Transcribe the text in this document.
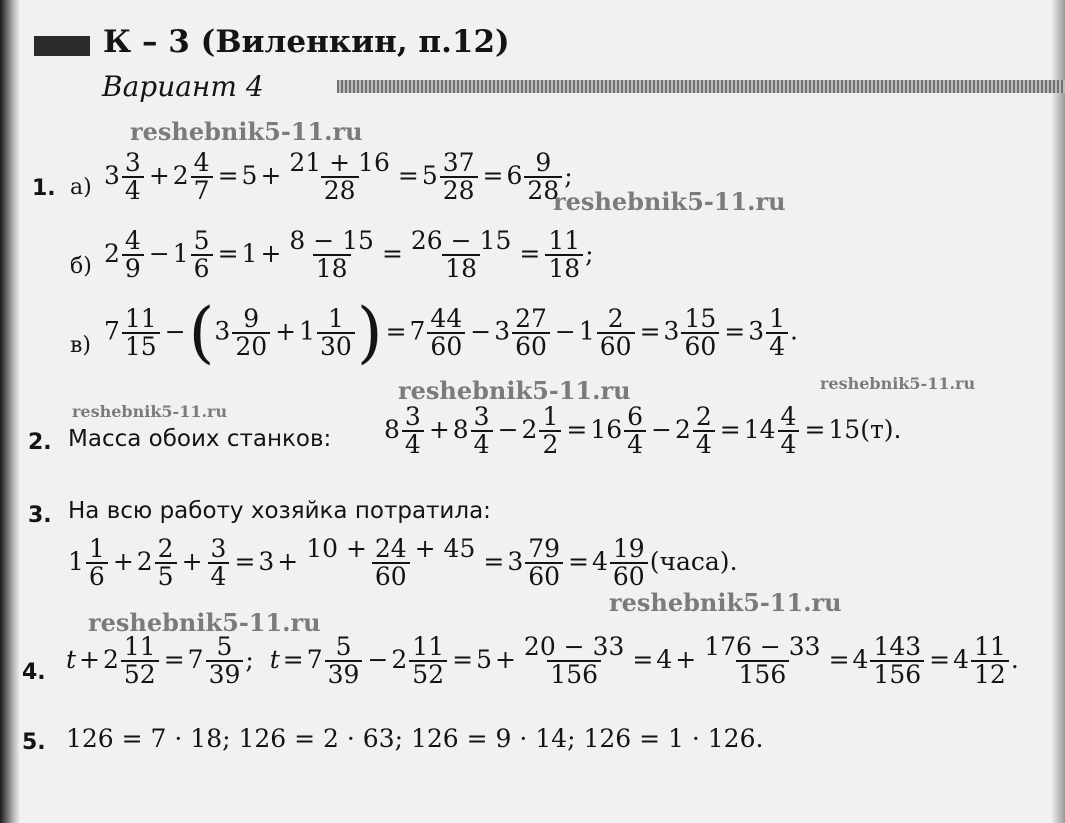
К – 3 (Виленкин, п.12)
Вариант 4
reshebnik5-11.ru
reshebnik5-11.ru
reshebnik5-11.ru	reshebnik5-11.ru
reshebnik5-11.ru
reshebnik5-11.ru
reshebnik5-11.ru
1. а) $3 \frac{3}{4} + 2 \frac{4}{7} = 5 + \frac{21 + 16}{28} = 5 \frac{37}{28} = 6 \frac{9}{28}$ ;
б) $2 \frac{4}{9} - 1 \frac{5}{6} = 1 + \frac{8 - 15}{18} = \frac{26 - 15}{18} = \frac{11}{18}$ ;
в) $7 \frac{11}{15} -(3 \frac{9}{20} + 1 \frac{1}{30}$ ) = $7 \frac{44}{60} - 3 \frac{27}{60} - 1 \frac{2}{60} = 3 \frac{15}{60} = 3 \frac{1}{4}$ .
2. Масса обоих станков: $8 \frac{3}{4} + 8 \frac{3}{4} - 2 \frac{1}{2} = 16 \frac{6}{4} - 2 \frac{2}{4} = 14 \frac{4}{4} = 15(т)$.
3. На всю работу хозяйка потратила:
$1 \frac{1}{6} + 2 \frac{2}{5} + \frac{3}{4} = 3 + \frac{10 + 24 + 45}{60} = 3 \frac{79}{60} = 4 \frac{19}{60}$ (часа).
4. $t + 2 \frac{11}{52} = 7 \frac{5}{39}$ ;  $t = 7 \frac{5}{39} - 2 \frac{11}{52} = 5 + \frac{20 - 33}{156} = 4 + \frac{176 - 33}{156} = 4 \frac{143}{156} = 4 \frac{11}{12}$ .
5. 126 = 7 · 18; 126 = 2 · 63; 126 = 9 · 14; 126 = 1 · 126.
